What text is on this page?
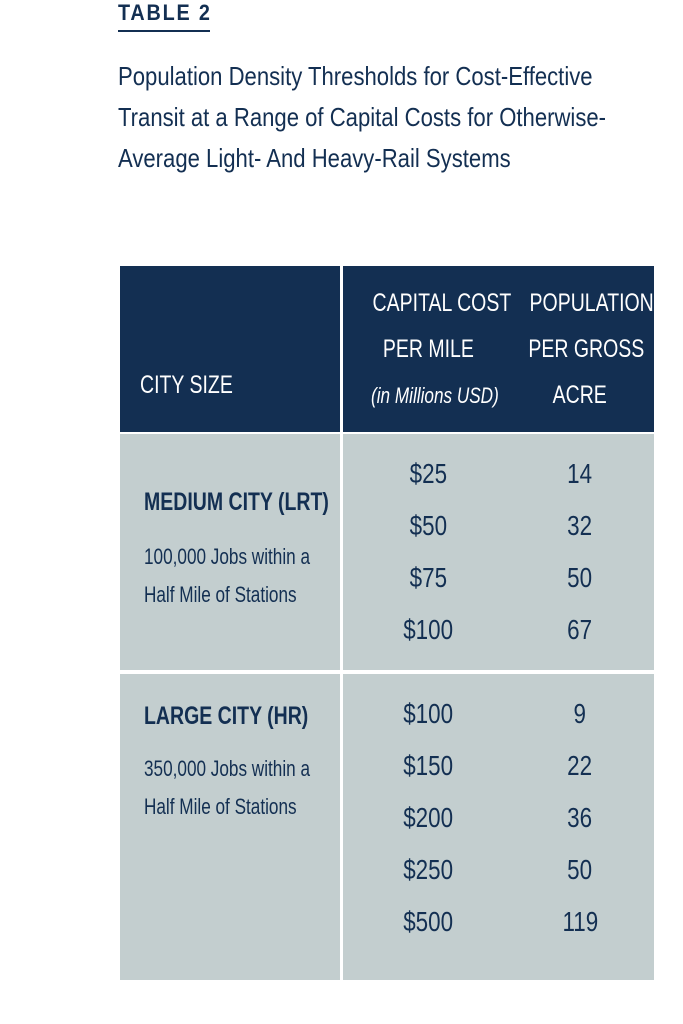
TABLE 2
Population Density Thresholds for Cost-Effective
Transit at a Range of Capital Costs for Otherwise-
Average Light- And Heavy-Rail Systems
CITY SIZE
CAPITAL COST
PER MILE
(in Millions USD)
POPULATION
PER GROSS
ACRE
MEDIUM CITY (LRT)
100,000 Jobs within a
Half Mile of Stations
$25	14
$50	32
$75	50
$100	67
LARGE CITY (HR)
350,000 Jobs within a
Half Mile of Stations
$100	9
$150	22
$200	36
$250	50
$500	119
